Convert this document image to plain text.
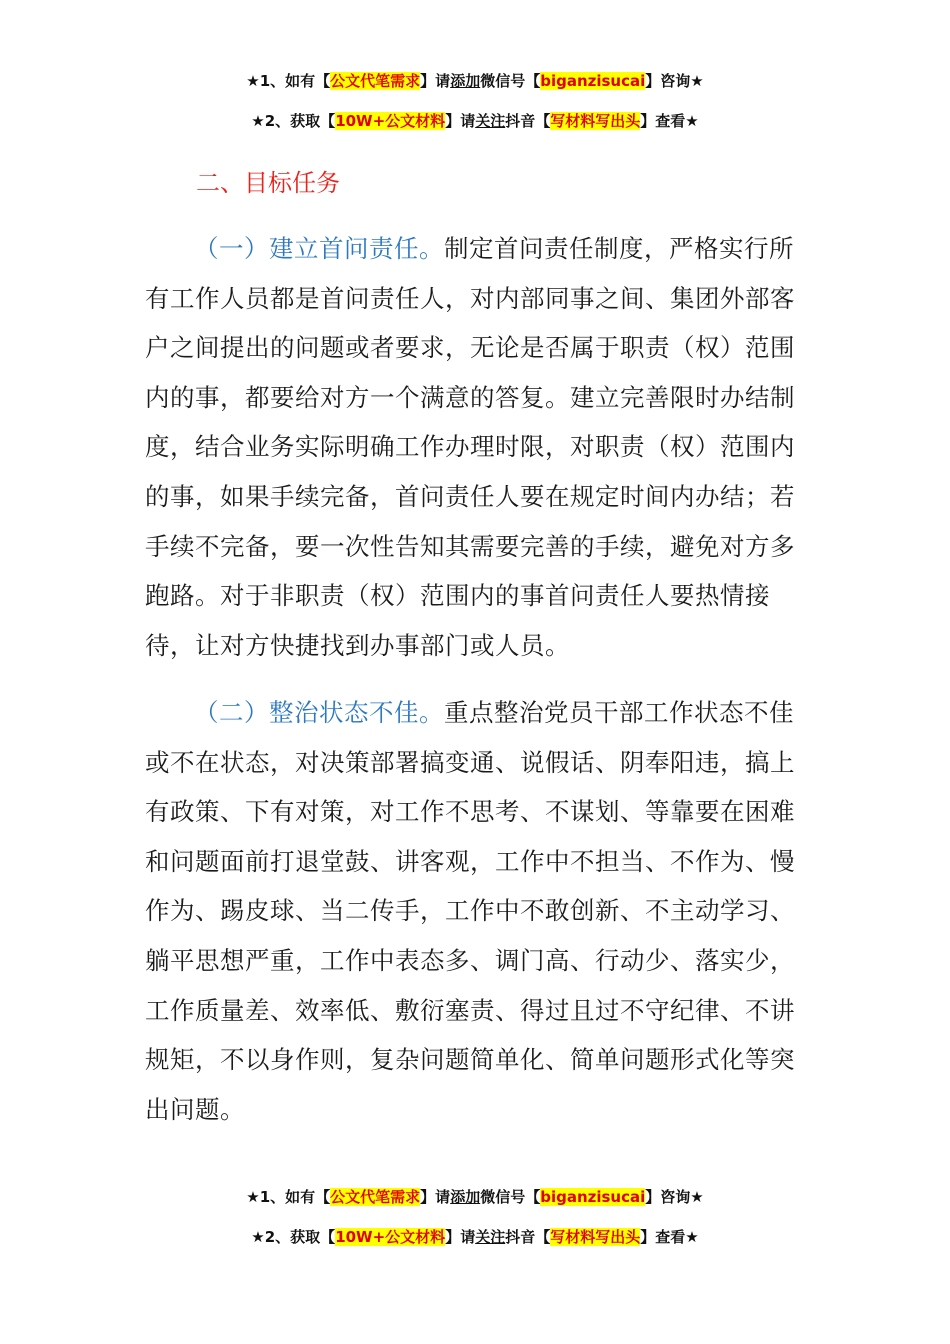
★1、如有【公文代笔需求】请添加微信号【biganzisucai】咨询★
★2、获取【10W+公文材料】请关注抖音【写材料写出头】查看★
二、目标任务

（一）建立首问责任。制定首问责任制度，严格实行所有工作人员都是首问责任人，对内部同事之间、集团外部客户之间提出的问题或者要求，无论是否属于职责（权）范围内的事，都要给对方一个满意的答复。建立完善限时办结制度，结合业务实际明确工作办理时限，对职责（权）范围内的事，如果手续完备，首问责任人要在规定时间内办结；若手续不完备，要一次性告知其需要完善的手续，避免对方多跑路。对于非职责（权）范围内的事首问责任人要热情接待，让对方快捷找到办事部门或人员。

（二）整治状态不佳。重点整治党员干部工作状态不佳或不在状态，对决策部署搞变通、说假话、阴奉阳违，搞上有政策、下有对策，对工作不思考、不谋划、等靠要在困难和问题面前打退堂鼓、讲客观，工作中不担当、不作为、慢作为、踢皮球、当二传手，工作中不敢创新、不主动学习、躺平思想严重，工作中表态多、调门高、行动少、落实少，工作质量差、效率低、敷衍塞责、得过且过不守纪律、不讲规矩，不以身作则，复杂问题简单化、简单问题形式化等突出问题。

★1、如有【公文代笔需求】请添加微信号【biganzisucai】咨询★
★2、获取【10W+公文材料】请关注抖音【写材料写出头】查看★
